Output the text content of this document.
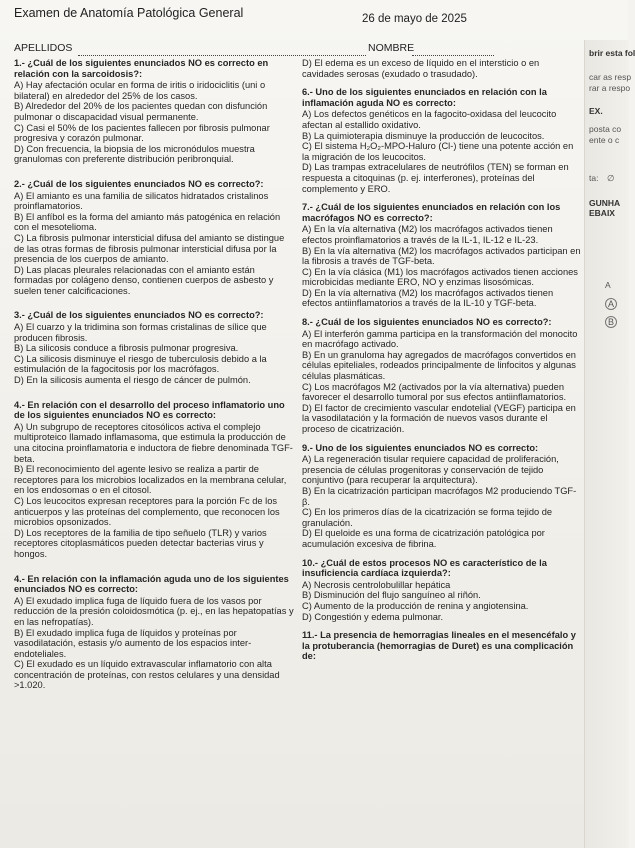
Examen de Anatomía Patológica General	26 de mayo de 2025
APELLIDOS	NOMBRE

1.- ¿Cuál de los siguientes enunciados NO es correcto en relación con la sarcoidosis?:

A) Hay afectación ocular en forma de iritis o iridociclitis (uni o bilateral) en alrededor del 25% de los casos.

B) Alrededor del 20% de los pacientes quedan con disfunción pulmonar o discapacidad visual permanente.

C) Casi el 50% de los pacientes fallecen por fibrosis pulmonar progresiva y corazón pulmonar.

D) Con frecuencia, la biopsia de los micronódulos muestra granulomas con preferente distribución peribronquial.

2.- ¿Cuál de los siguientes enunciados NO es correcto?:

A) El amianto es una familia de silicatos hidratados cristalinos proinflamatorios.

B) El anfíbol es la forma del amianto más patogénica en relación con el mesotelioma.

C) La fibrosis pulmonar intersticial difusa del amianto se distingue de las otras formas de fibrosis pulmonar intersticial difusa por la presencia de los cuerpos de amianto.

D) Las placas pleurales relacionadas con el amianto están formadas por colágeno denso, contienen cuerpos de asbesto y suelen tener calcificaciones.

3.- ¿Cuál de los siguientes enunciados NO es correcto?:

A) El cuarzo y la tridimina son formas cristalinas de sílice que producen fibrosis.

B) La silicosis conduce a fibrosis pulmonar progresiva.

C) La silicosis disminuye el riesgo de tuberculosis debido a la estimulación de la fagocitosis por los macrófagos.

D) En la silicosis aumenta el riesgo de cáncer de pulmón.

4.- En relación con el desarrollo del proceso inflamatorio uno de los siguientes enunciados NO es correcto:

A) Un subgrupo de receptores citosólicos activa el complejo multiproteico llamado inflamasoma, que estimula la producción de una citocina proinflamatoria e inductora de fiebre denominada TGF-beta.

B) El reconocimiento del agente lesivo se realiza a partir de receptores para los microbios localizados en la membrana celular, en los endosomas o en el citosol.

C) Los leucocitos expresan receptores para la porción Fc de los anticuerpos y las proteínas del complemento, que reconocen los microbios opsonizados.

D) Los receptores de la familia de tipo señuelo (TLR) y varios receptores citoplasmáticos pueden detectar bacterias virus y hongos.

4.- En relación con la inflamación aguda uno de los siguientes enunciados NO es correcto:

A) El exudado implica fuga de líquido fuera de los vasos por reducción de la presión coloidosmótica (p. ej., en las hepatopatías y en las nefropatías).

B) El exudado implica fuga de líquidos y proteínas por vasodilatación, estasis y/o aumento de los espacios inter-endoteliales.

C) El exudado es un líquido extravascular inflamatorio con alta concentración de proteínas, con restos celulares y una densidad >1.020.

D) El edema es un exceso de líquido en el intersticio o en cavidades serosas (exudado o trasudado).

6.- Uno de los siguientes enunciados en relación con la inflamación aguda NO es correcto:

A) Los defectos genéticos en la fagocito-oxidasa del leucocito afectan al estallido oxidativo.

B) La quimioterapia disminuye la producción de leucocitos.

C) El sistema H₂O₂-MPO-Haluro (Cl-) tiene una potente acción en la migración de los leucocitos.

D) Las trampas extracelulares de neutrófilos (TEN) se forman en respuesta a citoquinas (p. ej. interferones), proteínas del complemento y ERO.

7.- ¿Cuál de los siguientes enunciados en relación con los macrófagos NO es correcto?:

A) En la vía alternativa (M2) los macrófagos activados tienen efectos proinflamatorios a través de la IL-1, IL-12 e IL-23.

B) En la vía alternativa (M2) los macrófagos activados participan en la fibrosis a través de TGF-beta.

C) En la vía clásica (M1) los macrófagos activados tienen acciones microbicidas mediante ERO, NO y enzimas lisosómicas.

D) En la vía alternativa (M2) los macrófagos activados tienen efectos antiinflamatorios a través de la IL-10 y TGF-beta.

8.- ¿Cuál de los siguientes enunciados NO es correcto?:

A) El interferón gamma participa en la transformación del monocito en macrófago activado.

B) En un granuloma hay agregados de macrófagos convertidos en células epiteliales, rodeados principalmente de linfocitos y algunas células plasmáticas.

C) Los macrófagos M2 (activados por la vía alternativa) pueden favorecer el desarrollo tumoral por sus efectos antiinflamatorios.

D) El factor de crecimiento vascular endotelial (VEGF) participa en la vasodilatación y la formación de nuevos vasos durante el proceso de cicatrización.

9.- Uno de los siguientes enunciados NO es correcto:

A) La regeneración tisular requiere capacidad de proliferación, presencia de células progenitoras y conservación de tejido conjuntivo (para recuperar la arquitectura).

B) En la cicatrización participan macrófagos M2 produciendo TGF-β.

C) En los primeros días de la cicatrización se forma tejido de granulación.

D) El queloide es una forma de cicatrización patológica por acumulación excesiva de fibrina.

10.- ¿Cuál de estos procesos NO es característico de la insuficiencia cardíaca izquierda?:

A) Necrosis centrolobulillar hepática

B) Disminución del flujo sanguíneo al riñón.

C) Aumento de la producción de renina y angiotensina.

D) Congestión y edema pulmonar.

11.- La presencia de hemorragias lineales en el mesencéfalo y la protuberancia (hemorragias de Duret) es una complicación de:

brir esta fol
car as resp
rar a respo
EX.
posta co
ente o c
ta: ∅
GUNHA
EBAIX
A
A
B
